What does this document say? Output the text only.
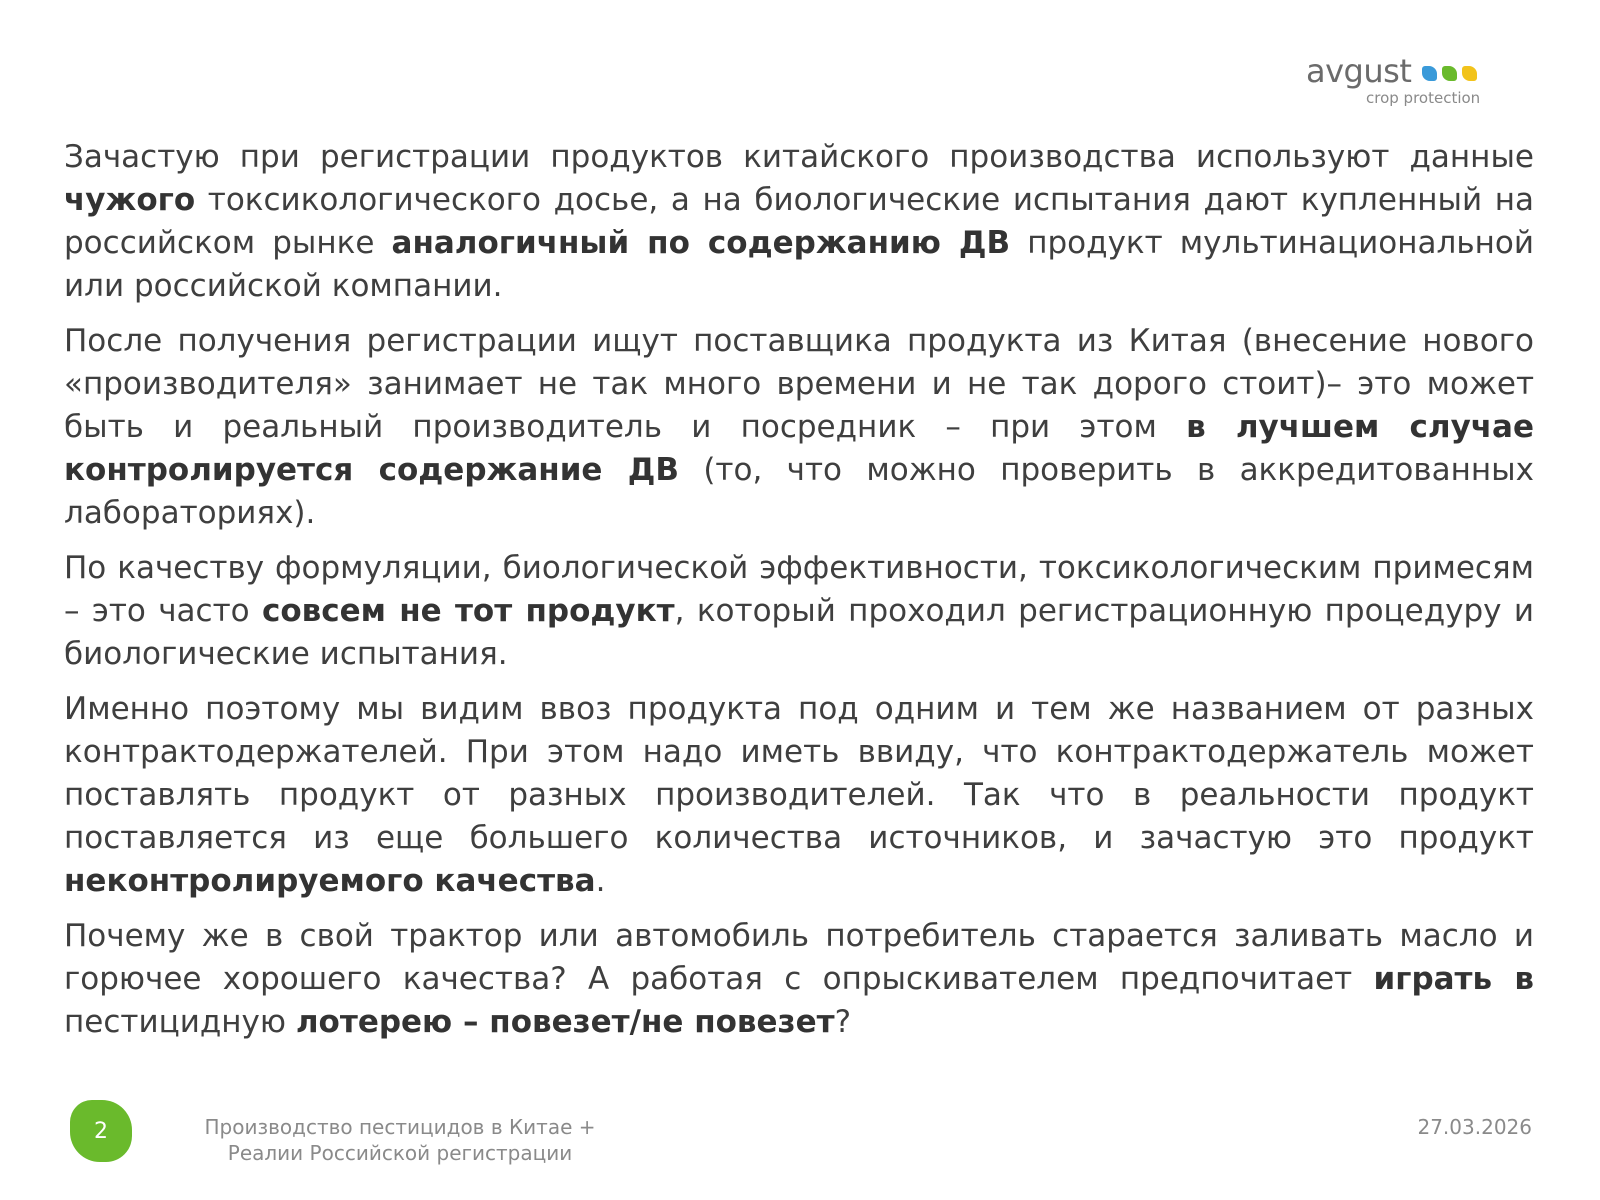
avgust
crop protection

Зачастую при регистрации продуктов китайского производства используют данные чужого токсикологического досье, а на биологические испытания дают купленный на российском рынке аналогичный по содержанию ДВ продукт мультинациональной или российской компании.

После получения регистрации ищут поставщика продукта из Китая (внесение нового «производителя» занимает не так много времени и не так дорого стоит)– это может быть и реальный производитель и посредник – при этом в лучшем случае контролируется содержание ДВ (то, что можно проверить в аккредитованных лабораториях).

По качеству формуляции, биологической эффективности, токсикологическим примесям – это часто совсем не тот продукт, который проходил регистрационную процедуру и биологические испытания.

Именно поэтому мы видим ввоз продукта под одним и тем же названием от разных контрактодержателей. При этом надо иметь ввиду, что контрактодержатель может поставлять продукт от разных производителей. Так что в реальности продукт поставляется из еще большего количества источников, и зачастую это продукт неконтролируемого качества.

Почему же в свой трактор или автомобиль потребитель старается заливать масло и горючее хорошего качества? А работая с опрыскивателем предпочитает играть в пестицидную лотерею – повезет/не повезет?

2	Производство пестицидов в Китае +
Реалии Российской регистрации
27.03.2026
